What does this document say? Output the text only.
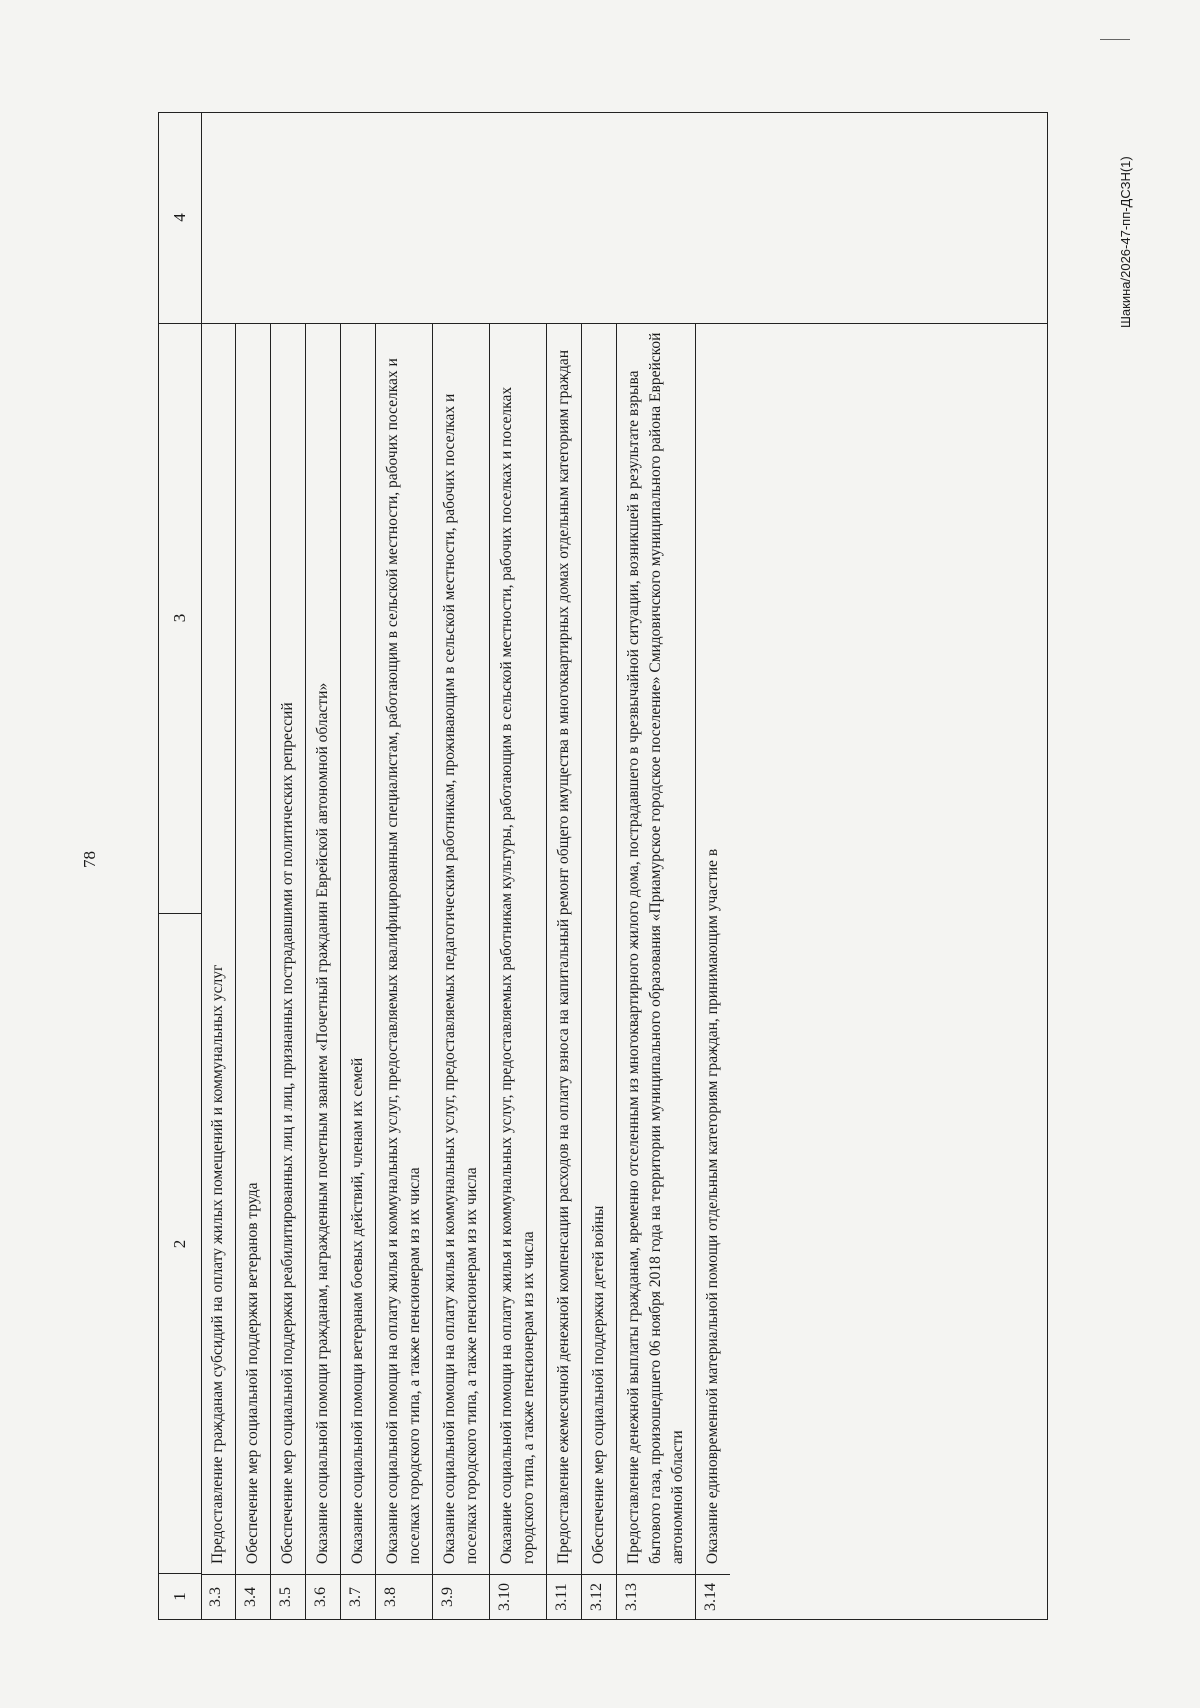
78
1
2
3
4
3.3
Предоставление гражданам субсидий на оплату жилых помещений и коммунальных услуг
3.4
Обеспечение мер социальной поддержки ветеранов труда
3.5
Обеспечение мер социальной поддержки реабилитированных лиц и лиц, признанных пострадавшими от политических репрессий
3.6
Оказание социальной помощи гражданам, награжденным почетным званием «Почетный гражданин Еврейской автономной области»
3.7
Оказание социальной помощи ветеранам боевых действий, членам их семей
3.8
Оказание социальной помощи на оплату жилья и коммунальных услуг, предоставляемых квалифицированным специалистам, работающим в сельской местности, рабочих поселках и поселках городского типа, а также пенсионерам из их числа
3.9
Оказание социальной помощи на оплату жилья и коммунальных услуг, предоставляемых педагогическим работникам, проживающим в сельской местности, рабочих поселках и поселках городского типа, а также пенсионерам из их числа
3.10
Оказание социальной помощи на оплату жилья и коммунальных услуг, предоставляемых работникам культуры, работающим в сельской местности, рабочих поселках и поселках городского типа, а также пенсионерам из их числа
3.11
Предоставление ежемесячной денежной компенсации расходов на оплату взноса на капитальный ремонт общего имущества в многоквартирных домах отдельным категориям граждан
3.12
Обеспечение мер социальной поддержки детей войны
3.13
Предоставление денежной выплаты гражданам, временно отселенным из многоквартирного жилого дома, пострадавшего в чрезвычайной ситуации, возникшей в результате взрыва бытового газа, произошедшего 06 ноября 2018 года на территории муниципального образования «Приамурское городское поселение» Смидовичского муниципального района Еврейской автономной области
3.14
Оказание единовременной материальной помощи отдельным категориям граждан, принимающим участие в
Шакина/2026-47-пп-ДСЗН(1)
